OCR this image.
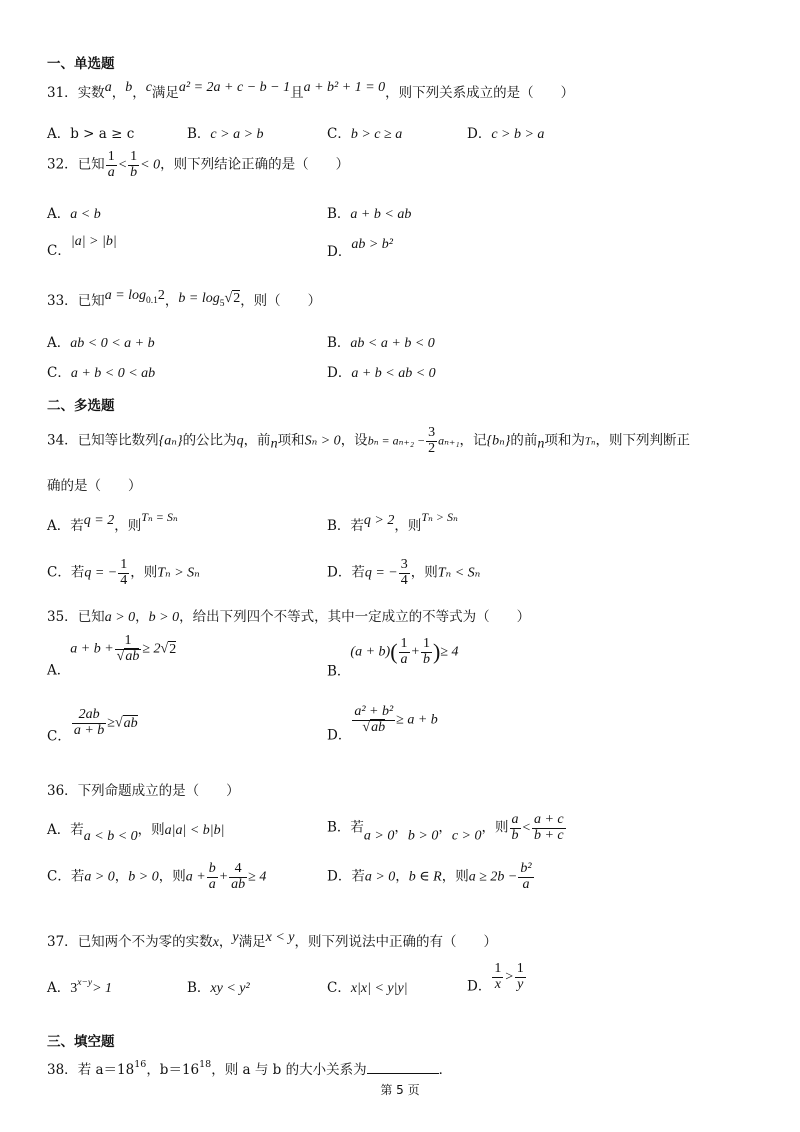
一、单选题
31．实数a，b，c满足a² = 2a + c − b − 1且a + b² + 1 = 0，则下列关系成立的是（　　）
A．b > a ≥ c	B．c > a > b	C．b > c ≥ a	D．c > b > a
32．已知 $\frac{1}{a} < \frac{1}{b} < 0$，则下列结论正确的是（　　）
A．a < b	B．a + b < ab
C．|a| > |b|
D．ab > b²
33．已知$a = \log_{0.1}2$，$b = \log_5√2$，则（　　）
A．ab < 0 < a + b	B．ab < a + b < 0
C．a + b < 0 < ab	D．a + b < ab < 0
二、多选题
34．已知等比数列{aₙ}的公比为q，前n项和Sₙ > 0，设$b_n = a_{n+2} - \frac{3}{2} a_{n+1}$，记{bₙ}的前n项和为Tₙ，则下列判断正
确的是（　　）
A．若q = 2，则Tₙ = Sₙ
B．若q > 2，则Tₙ > Sₙ
C．若q = − $\frac{1}{4}$ ，则Tₙ > Sₙ	D．若q = − $\frac{3}{4}$ ，则Tₙ < Sₙ
35．已知a > 0，b > 0，给出下列四个不等式，其中一定成立的不等式为（　　）
A．$a + b + \frac{1}{√ab} \ge 2√2$
B．$(a + b)( \frac{1}{a} + \frac{1}{b}$ )≥ 4
C． $\frac{2ab}{a + b} \ge√ab$
D．
$\frac{\text{a² + b²}}{√ab} \ge a + b$
36．下列命题成立的是（　　）
A．若a < b < 0，则a|a| < b|b|	B．若a > 0，b > 0，c > 0，则 $\frac{a}{b} < \frac{a + c}{b + c}$
C．若a > 0，b > 0，则$a + \frac{b}{a} + \frac{4}{ab} \ge 4$	D．若a > 0，b ∈ R，则$a \ge 2b - \frac{\text{b²}}{a}$
37．已知两个不为零的实数x，y满足x < y，则下列说法中正确的有（　　）
A．$3^{x-y}> 1$	B．xy < y²	C．x|x| < y|y|	D． $\frac{1}{x} > \frac{1}{y}$
三、填空题
38．若 $a=18^{16}$，$b=16^{18}$，则 a 与 b 的大小关系为	．
第 5 页
